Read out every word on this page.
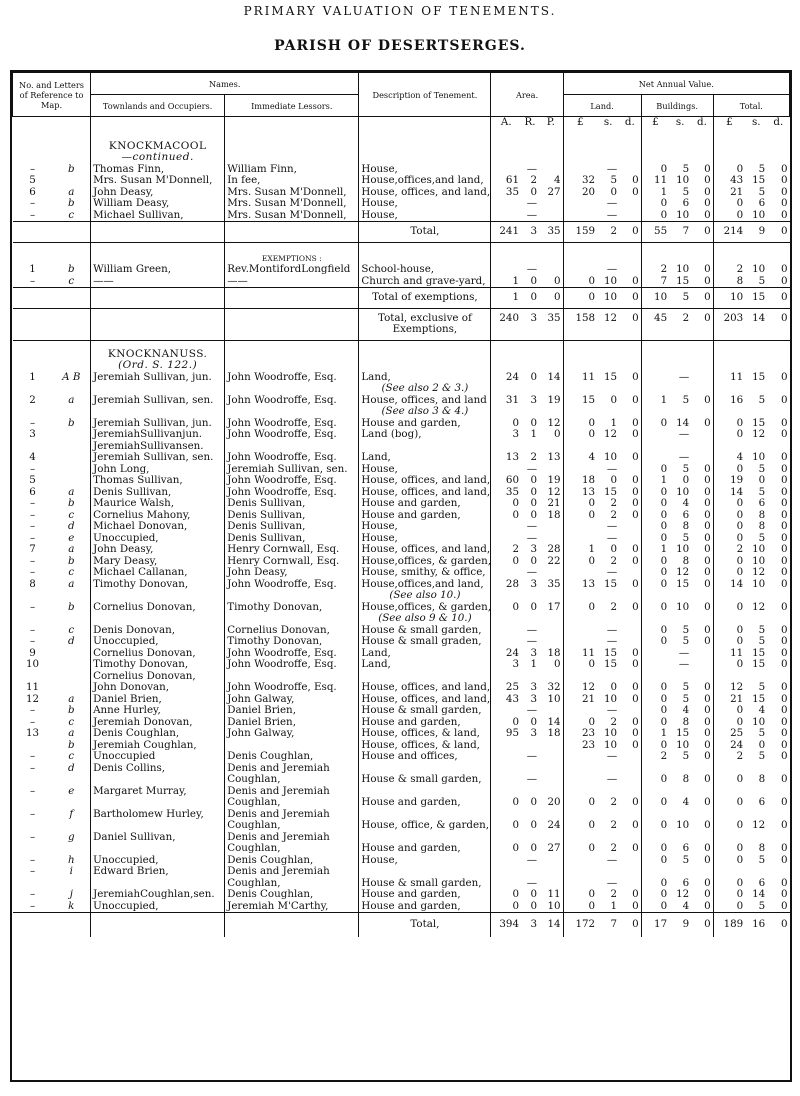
PRIMARY VALUATION OF TENEMENTS.
PARISH OF DESERTSERGES.
No. and Letters of Reference to Map.		Names.		Description of Tenement.	Area.			Net Annual Value.								
		Townlands and Occupiers.	Immediate Lessors.					Land.			Buildings.			Total.		
					A.	R.	P.	£	s.	d.	£	s.	d.	£	s.	d.
		KNOCKMACOOL														
		—continued.														
–	b	Thomas Finn,	William Finn,	House,		—			—		0	5	0	0	5	0
5		Mrs. Susan M'Donnell,	In fee,	House,offices,and land,	61	2	4	32	5	0	11	10	0	43	15	0
6	a	John Deasy,	Mrs. Susan M'Donnell,	House, offices, and land,	35	0	27	20	0	0	1	5	0	21	5	0
–	b	William Deasy,	Mrs. Susan M'Donnell,	House,		—			—		0	6	0	0	6	0
–	c	Michael Sullivan,	Mrs. Susan M'Donnell,	House,		—			—		0	10	0	0	10	0
				Total,	241	3	35	159	2	0	55	7	0	214	9	0
			EXEMPTIONS :													
1	b	William Green,	Rev.MontifordLongfield	School-house,		—			—		2	10	0	2	10	0
–	c	——	——	Church and grave-yard,	1	0	0	0	10	0	7	15	0	8	5	0
				Total of exemptions,	1	0	0	0	10	0	10	5	0	10	15	0
				Total, exclusive of Exemptions,	240	3	35	158	12	0	45	2	0	203	14	0
		KNOCKNANUSS.														
		(Ord. S. 122.)														
1	A B	Jeremiah Sullivan, jun.	John Woodroffe, Esq.	Land,	24	0	14	11	15	0		—		11	15	0
				(See also 2 & 3.)												
2	a	Jeremiah Sullivan, sen.	John Woodroffe, Esq.	House, offices, and land	31	3	19	15	0	0	1	5	0	16	5	0
				(See also 3 & 4.)												
–	b	Jeremiah Sullivan, jun.	John Woodroffe, Esq.	House and garden,	0	0	12	0	1	0	0	14	0	0	15	0
3		JeremiahSullivanjun.	John Woodroffe, Esq.	Land (bog),	3	1	0	0	12	0		—		0	12	0
		JeremiahSullivansen.														
4		Jeremiah Sullivan, sen.	John Woodroffe, Esq.	Land,	13	2	13	4	10	0		—		4	10	0
–		John Long,	Jeremiah Sullivan, sen.	House,		—			—		0	5	0	0	5	0
5		Thomas Sullivan,	John Woodroffe, Esq.	House, offices, and land,	60	0	19	18	0	0	1	0	0	19	0	0
6	a	Denis Sullivan,	John Woodroffe, Esq.	House, offices, and land,	35	0	12	13	15	0	0	10	0	14	5	0
–	b	Maurice Walsh,	Denis Sullivan,	House and garden,	0	0	21	0	2	0	0	4	0	0	6	0
–	c	Cornelius Mahony,	Denis Sullivan,	House and garden,	0	0	18	0	2	0	0	6	0	0	8	0
–	d	Michael Donovan,	Denis Sullivan,	House,		—			—		0	8	0	0	8	0
–	e	Unoccupied,	Denis Sullivan,	House,		—			—		0	5	0	0	5	0
7	a	John Deasy,	Henry Cornwall, Esq.	House, offices, and land,	2	3	28	1	0	0	1	10	0	2	10	0
–	b	Mary Deasy,	Henry Cornwall, Esq.	House,offices, & garden,	0	0	22	0	2	0	0	8	0	0	10	0
–	c	Michael Callanan,	John Deasy,	House, smithy, & office,		—			—		0	12	0	0	12	0
8	a	Timothy Donovan,	John Woodroffe, Esq.	House,offices,and land,	28	3	35	13	15	0	0	15	0	14	10	0
				(See also 10.)												
–	b	Cornelius Donovan,	Timothy Donovan,	House,offices, & garden,	0	0	17	0	2	0	0	10	0	0	12	0
				(See also 9 & 10.)												
–	c	Denis Donovan,	Cornelius Donovan,	House & small garden,		—			—		0	5	0	0	5	0
–	d	Unoccupied,	Timothy Donovan,	House & small graden,		—			—		0	5	0	0	5	0
9		Cornelius Donovan,	John Woodroffe, Esq.	Land,	24	3	18	11	15	0		—		11	15	0
10		Timothy Donovan,	John Woodroffe, Esq.	Land,	3	1	0	0	15	0		—		0	15	0
		Cornelius Donovan,														
11		John Donovan,	John Woodroffe, Esq.	House, offices, and land,	25	3	32	12	0	0	0	5	0	12	5	0
12	a	Daniel Brien,	John Galway,	House, offices, and land,	43	3	10	21	10	0	0	5	0	21	15	0
–	b	Anne Hurley,	Daniel Brien,	House & small garden,		—			—		0	4	0	0	4	0
–	c	Jeremiah Donovan,	Daniel Brien,	House and garden,	0	0	14	0	2	0	0	8	0	0	10	0
13	a	Denis Coughlan,	John Galway,	House, offices, & land,	95	3	18	23	10	0	1	15	0	25	5	0
	b	Jeremiah Coughlan,		House, offices, & land,				23	10	0	0	10	0	24	0	0
–	c	Unoccupied	Denis Coughlan,	House and offices,		—			—		2	5	0	2	5	0
–	d	Denis Collins,	Denis and Jeremiah													
			Coughlan,	House & small garden,		—			—		0	8	0	0	8	0
–	e	Margaret Murray,	Denis and Jeremiah													
			Coughlan,	House and garden,	0	0	20	0	2	0	0	4	0	0	6	0
–	f	Bartholomew Hurley,	Denis and Jeremiah													
			Coughlan,	House, office, & garden,	0	0	24	0	2	0	0	10	0	0	12	0
–	g	Daniel Sullivan,	Denis and Jeremiah													
			Coughlan,	House and garden,	0	0	27	0	2	0	0	6	0	0	8	0
–	h	Unoccupied,	Denis Coughlan,	House,		—			—		0	5	0	0	5	0
–	i	Edward Brien,	Denis and Jeremiah													
			Coughlan,	House & small garden,		—			—		0	6	0	0	6	0
–	j	JeremiahCoughlan,sen.	Denis Coughlan,	House and garden,	0	0	11	0	2	0	0	12	0	0	14	0
–	k	Unoccupied,	Jeremiah M'Carthy,	House and garden,	0	0	10	0	1	0	0	4	0	0	5	0
				Total,	394	3	14	172	7	0	17	9	0	189	16	0
